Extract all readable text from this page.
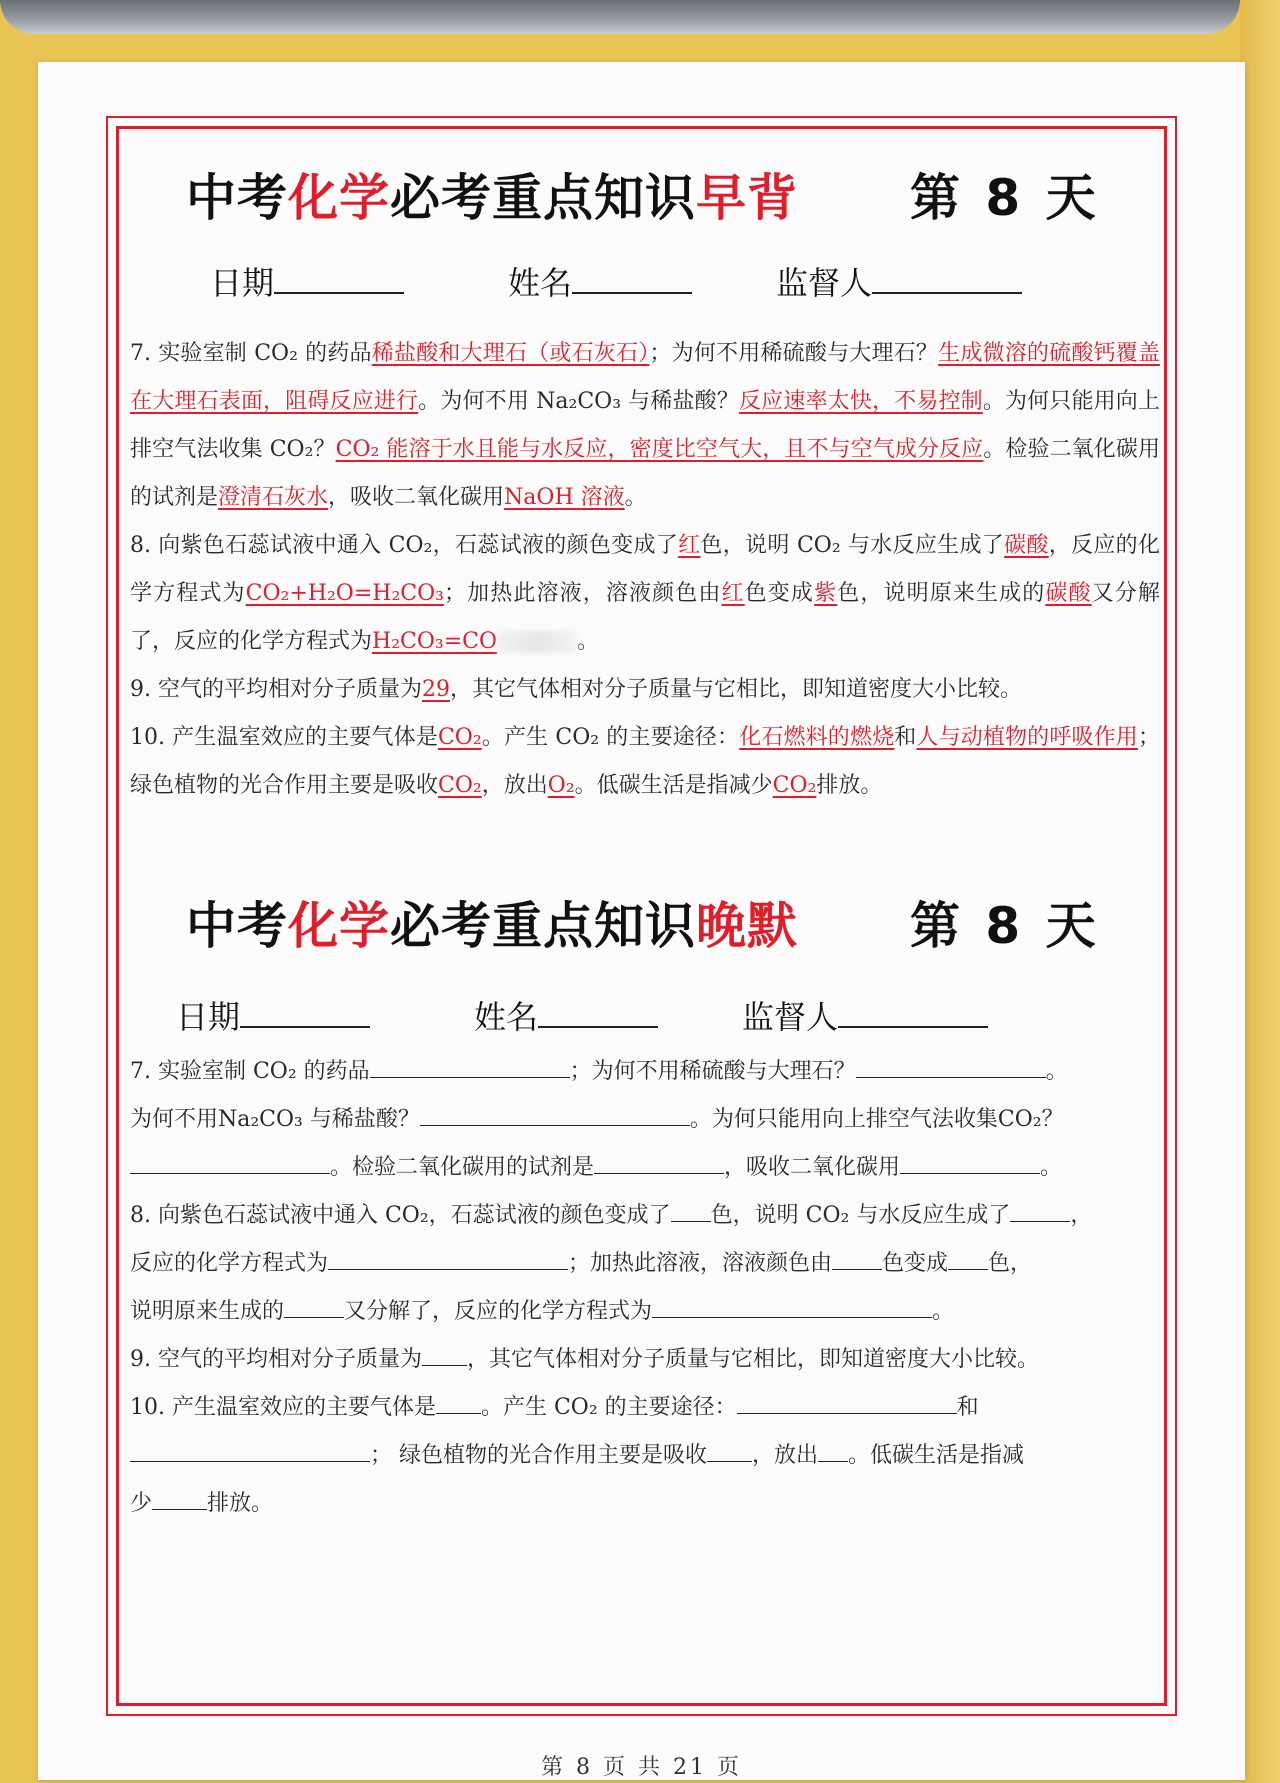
第 8 页 共 21 页
中考化学必考重点知识早背 第 8 天
日期	姓名	监督人

7. 实验室制 CO₂ 的药品稀盐酸和大理石（或石灰石）；为何不用稀硫酸与大理石？生成微溶的硫酸钙覆盖在大理石表面，阻碍反应进行。为何不用 Na₂CO₃ 与稀盐酸？反应速率太快，不易控制。为何只能用向上排空气法收集 CO₂？CO₂ 能溶于水且能与水反应，密度比空气大，且不与空气成分反应。检验二氧化碳用的试剂是澄清石灰水，吸收二氧化碳用NaOH 溶液。

8. 向紫色石蕊试液中通入 CO₂，石蕊试液的颜色变成了红色，说明 CO₂ 与水反应生成了碳酸，反应的化学方程式为CO₂+H₂O=H₂CO₃；加热此溶液，溶液颜色由红色变成紫色，说明原来生成的碳酸又分解了，反应的化学方程式为H₂CO₃=CO	。

9. 空气的平均相对分子质量为29，其它气体相对分子质量与它相比，即知道密度大小比较。

10. 产生温室效应的主要气体是CO₂。产生 CO₂ 的主要途径：化石燃料的燃烧和人与动植物的呼吸作用；绿色植物的光合作用主要是吸收CO₂，放出O₂。低碳生活是指减少CO₂排放。

中考化学必考重点知识晚默 第 8 天
日期	姓名	监督人

7. 实验室制 CO₂ 的药品	；为何不用稀硫酸与大理石？	。
为何不用Na₂CO₃ 与稀盐酸？	。为何只能用向上排空气法收集CO₂？
。检验二氧化碳用的试剂是	，吸收二氧化碳用	。

8. 向紫色石蕊试液中通入 CO₂，石蕊试液的颜色变成了 色，说明 CO₂ 与水反应生成了	，
反应的化学方程式为	；加热此溶液，溶液颜色由 色变成 色，
说明原来生成的	又分解了，反应的化学方程式为	。

9. 空气的平均相对分子质量为 ，其它气体相对分子质量与它相比，即知道密度大小比较。

10. 产生温室效应的主要气体是 。产生 CO₂ 的主要途径：	和
； 绿色植物的光合作用主要是吸收 ，放出 。低碳生活是指减
少	排放。
